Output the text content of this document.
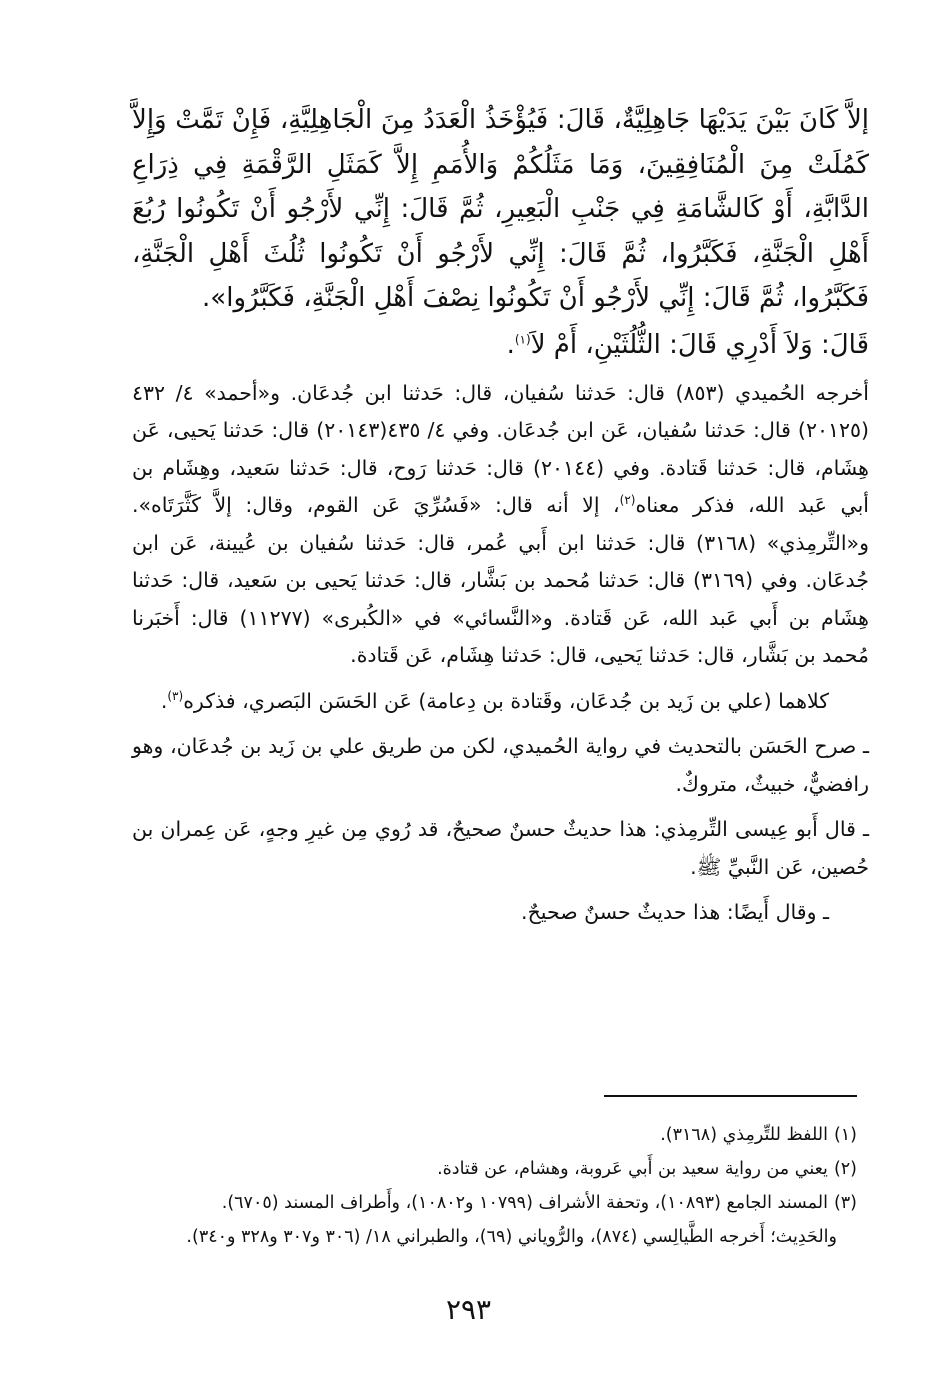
إلاَّ كَانَ بَيْنَ يَدَيْهَا جَاهِلِيَّةٌ، قَالَ: فَيُؤْخَذُ الْعَدَدُ مِنَ الْجَاهِلِيَّةِ، فَإِنْ تَمَّتْ وَإِلاَّ كَمُلَتْ مِنَ الْمُنَافِقِينَ، وَمَا مَثَلُكُمْ وَالأُمَمِ إِلاَّ كَمَثَلِ الرَّقْمَةِ فِي ذِرَاعِ الدَّابَّةِ، أَوْ كَالشَّامَةِ فِي جَنْبِ الْبَعِيرِ، ثُمَّ قَالَ: إِنِّي لأَرْجُو أَنْ تَكُونُوا رُبُعَ أَهْلِ الْجَنَّةِ، فَكَبَّرُوا، ثُمَّ قَالَ: إِنِّي لأَرْجُو أَنْ تَكُونُوا ثُلُثَ أَهْلِ الْجَنَّةِ، فَكَبَّرُوا، ثُمَّ قَالَ: إِنِّي لأَرْجُو أَنْ تَكُونُوا نِصْفَ أَهْلِ الْجَنَّةِ، فَكَبَّرُوا».

قَالَ: وَلاَ أَدْرِي قَالَ: الثُّلُثَيْنِ، أَمْ لاَ$^{(١)}$.

أخرجه الحُميدي (٨٥٣) قال: حَدثنا سُفيان، قال: حَدثنا ابن جُدعَان. و«أحمد» ٤/ ٤٣٢ (٢٠١٢٥) قال: حَدثنا سُفيان، عَن ابن جُدعَان. وفي ٤/ ٤٣٥(٢٠١٤٣) قال: حَدثنا يَحيى، عَن هِشَام، قال: حَدثنا قَتادة. وفي (٢٠١٤٤) قال: حَدثنا رَوح، قال: حَدثنا سَعيد، وهِشَام بن أبي عَبد الله، فذكر معناه$^{(٢)}$، إلا أنه قال: «فَسُرِّيَ عَن القوم، وقال: إلاَّ كَثَّرَتَاه». و«التِّرمِذي» (٣١٦٨) قال: حَدثنا ابن أَبي عُمر، قال: حَدثنا سُفيان بن عُيينة، عَن ابن جُدعَان. وفي (٣١٦٩) قال: حَدثنا مُحمد بن بَشَّار، قال: حَدثنا يَحيى بن سَعيد، قال: حَدثنا هِشَام بن أَبي عَبد الله، عَن قَتادة. و«النَّسائي» في «الكُبرى» (١١٢٧٧) قال: أَخبَرنا مُحمد بن بَشَّار، قال: حَدثنا يَحيى، قال: حَدثنا هِشَام، عَن قَتادة.

كلاهما (علي بن زَيد بن جُدعَان، وقَتادة بن دِعامة) عَن الحَسَن البَصري، فذكره$^{(٣)}$.

ـ صرح الحَسَن بالتحديث في رواية الحُميدي، لكن من طريق علي بن زَيد بن جُدعَان، وهو رافضيٌّ، خبيثٌ، متروكٌ.

ـ قال أَبو عِيسى التِّرمِذي: هذا حديثٌ حسنٌ صحيحٌ، قد رُوي مِن غيرِ وجهٍ، عَن عِمران بن حُصين، عَن النَّبيِّ ﷺ.

ـ وقال أَيضًا: هذا حديثٌ حسنٌ صحيحٌ.

(١)اللفظ للتِّرمِذي (٣١٦٨).

(٢)يعني من رواية سعيد بن أَبي عَروبة، وهشام، عن قتادة.

(٣)المسند الجامع (١٠٨٩٣)، وتحفة الأشراف (١٠٧٩٩ و١٠٨٠٢)، وأَطراف المسند (٦٧٠٥).

والحَدِيث؛ أَخرجه الطَّيالِسي (٨٧٤)، والرُّوياني (٦٩)، والطبراني ١٨/ (٣٠٦ و٣٠٧ و٣٢٨ و٣٤٠).

٢٩٣
